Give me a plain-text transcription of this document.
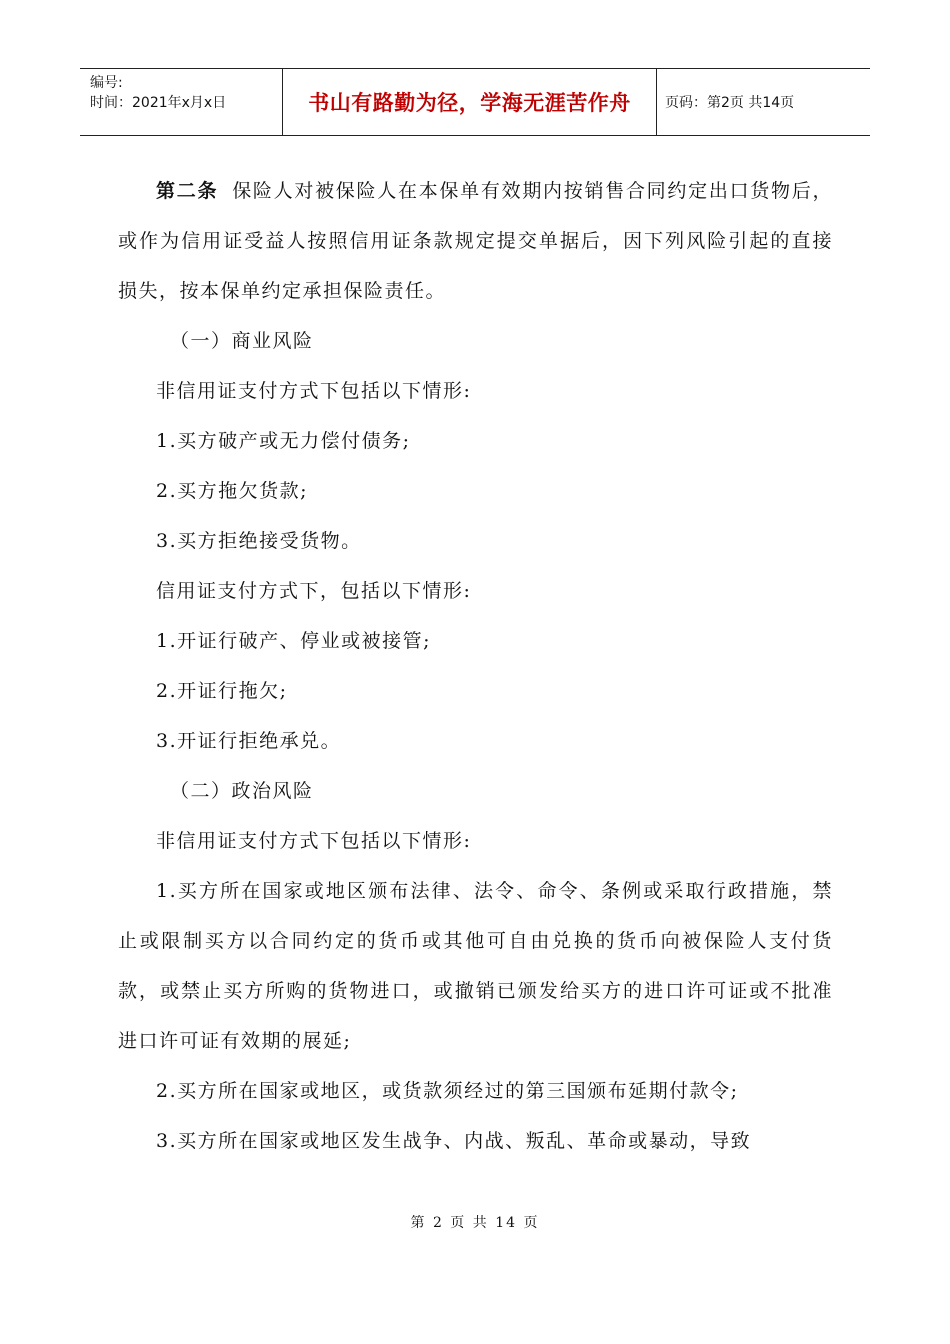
编号:
时间：2021年x月x日	书山有路勤为径，学海无涯苦作舟	页码：第2页 共14页

第二条 保险人对被保险人在本保单有效期内按销售合同约定出口货物后，或作为信用证受益人按照信用证条款规定提交单据后，因下列风险引起的直接损失，按本保单约定承担保险责任。

（一）商业风险

非信用证支付方式下包括以下情形:

1.买方破产或无力偿付债务;

2.买方拖欠货款;

3.买方拒绝接受货物。

信用证支付方式下，包括以下情形:

1.开证行破产、停业或被接管;

2.开证行拖欠;

3.开证行拒绝承兑。

（二）政治风险

非信用证支付方式下包括以下情形:

1.买方所在国家或地区颁布法律、法令、命令、条例或采取行政措施，禁止或限制买方以合同约定的货币或其他可自由兑换的货币向被保险人支付货款，或禁止买方所购的货物进口，或撤销已颁发给买方的进口许可证或不批准进口许可证有效期的展延;

2.买方所在国家或地区，或货款须经过的第三国颁布延期付款令;

3.买方所在国家或地区发生战争、内战、叛乱、革命或暴动，导致

第 2 页 共 14 页
